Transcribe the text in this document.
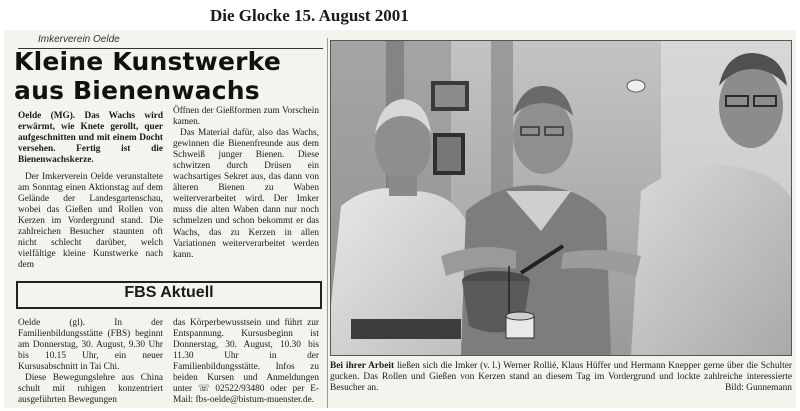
Die Glocke 15. August 2001
Imkerverein Oelde
Kleine Kunstwerke
aus Bienenwachs
Oelde (MG). Das Wachs wird erwärmt, wie Knete gerollt, quer aufgeschnitten und mit einem Docht versehen. Fertig ist die Bienenwachskerze.
Der Imkerverein Oelde veranstaltete am Sonntag einen Aktionstag auf dem Gelände der Landesgartenschau, wobei das Gießen und Rollen von Kerzen im Vordergrund stand. Die zahlreichen Besucher staunten oft nicht schlecht darüber, welch vielfältige kleine Kunstwerke nach dem
Öffnen der Gießformen zum Vorschein kamen.
Das Material dafür, also das Wachs, gewinnen die Bienenfreunde aus dem Schweiß junger Bienen. Diese schwitzen durch Drüsen ein wachsartiges Sekret aus, das dann von älteren Bienen zu Waben weiterverarbeitet wird. Der Imker muss die alten Waben dann nur noch schmelzen und schon bekommt er das Wachs, das zu Kerzen in allen Variationen weiterverarbeitet werden kann.
FBS Aktuell
Oelde (gl). In der Familienbildungsstätte (FBS) beginnt am Donnerstag, 30. August, 9.30 Uhr bis 10.15 Uhr, ein neuer Kursusabschnitt in Tai Chi.
Diese Bewegungslehre aus China schult mit ruhigen konzentriert ausgeführten Bewegungen
das Körperbewusstsein und führt zur Entspannung. Kursusbeginn ist Donnerstag, 30. August, 10.30 bis 11.30 Uhr in der Familienbildungsstätte. Infos zu beiden Kursen und Anmeldungen unter ☏ 02522/93480 oder per E-Mail: fbs-oelde@bistum-muenster.de.
Bei ihrer Arbeit ließen sich die Imker (v. l.) Werner Rollié, Klaus Hüffer und Hermann Knepper gerne über die Schulter gucken. Das Rollen und Gießen von Kerzen stand an diesem Tag im Vordergrund und lockte zahlreiche interessierte Besucher an.	Bild: Gunnemann
